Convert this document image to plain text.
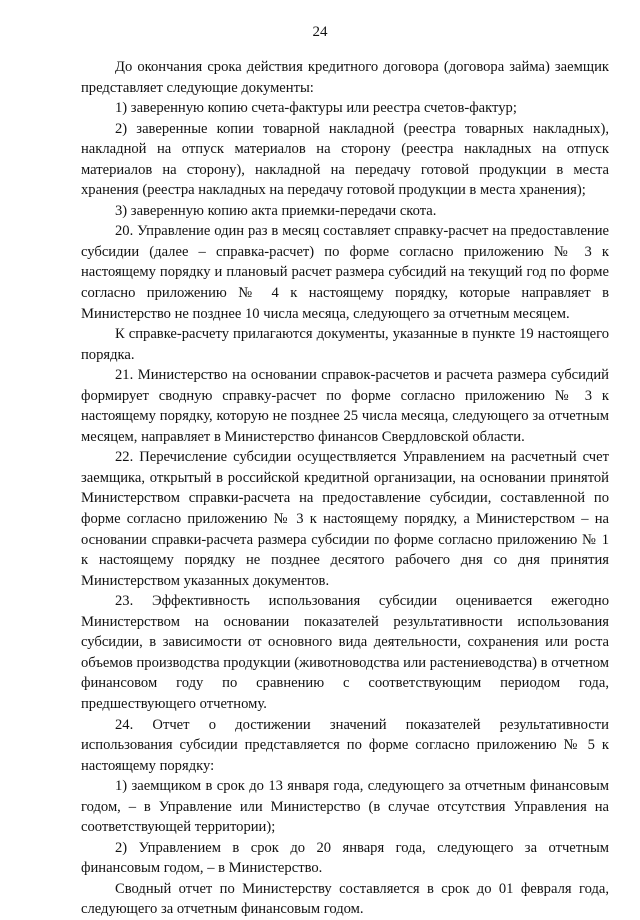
24

До окончания срока действия кредитного договора (договора займа) заемщик представляет следующие документы:

1) заверенную копию счета-фактуры или реестра счетов-фактур;

2) заверенные копии товарной накладной (реестра товарных накладных), накладной на отпуск материалов на сторону (реестра накладных на отпуск материалов на сторону), накладной на передачу готовой продукции в места хранения (реестра накладных на передачу готовой продукции в места хранения);

3) заверенную копию акта приемки-передачи скота.

20. Управление один раз в месяц составляет справку-расчет на предоставление субсидии (далее – справка-расчет) по форме согласно приложению № 3 к настоящему порядку и плановый расчет размера субсидий на текущий год по форме согласно приложению № 4 к настоящему порядку, которые направляет в Министерство не позднее 10 числа месяца, следующего за отчетным месяцем.

К справке-расчету прилагаются документы, указанные в пункте 19 настоящего порядка.

21. Министерство на основании справок-расчетов и расчета размера субсидий формирует сводную справку-расчет по форме согласно приложению № 3 к настоящему порядку, которую не позднее 25 числа месяца, следующего за отчетным месяцем, направляет в Министерство финансов Свердловской области.

22. Перечисление субсидии осуществляется Управлением на расчетный счет заемщика, открытый в российской кредитной организации, на основании принятой Министерством справки-расчета на предоставление субсидии, составленной по форме согласно приложению № 3 к настоящему порядку, а Министерством – на основании справки-расчета размера субсидии по форме согласно приложению № 1 к настоящему порядку не позднее десятого рабочего дня со дня принятия Министерством указанных документов.

23. Эффективность использования субсидии оценивается ежегодно Министерством на основании показателей результативности использования субсидии, в зависимости от основного вида деятельности, сохранения или роста объемов производства продукции (животноводства или растениеводства) в отчетном финансовом году по сравнению с соответствующим периодом года, предшествующего отчетному.

24. Отчет о достижении значений показателей результативности использования субсидии представляется по форме согласно приложению № 5 к настоящему порядку:

1) заемщиком в срок до 13 января года, следующего за отчетным финансовым годом, – в Управление или Министерство (в случае отсутствия Управления на соответствующей территории);

2) Управлением в срок до 20 января года, следующего за отчетным финансовым годом, – в Министерство.

Сводный отчет по Министерству составляется в срок до 01 февраля года, следующего за отчетным финансовым годом.
